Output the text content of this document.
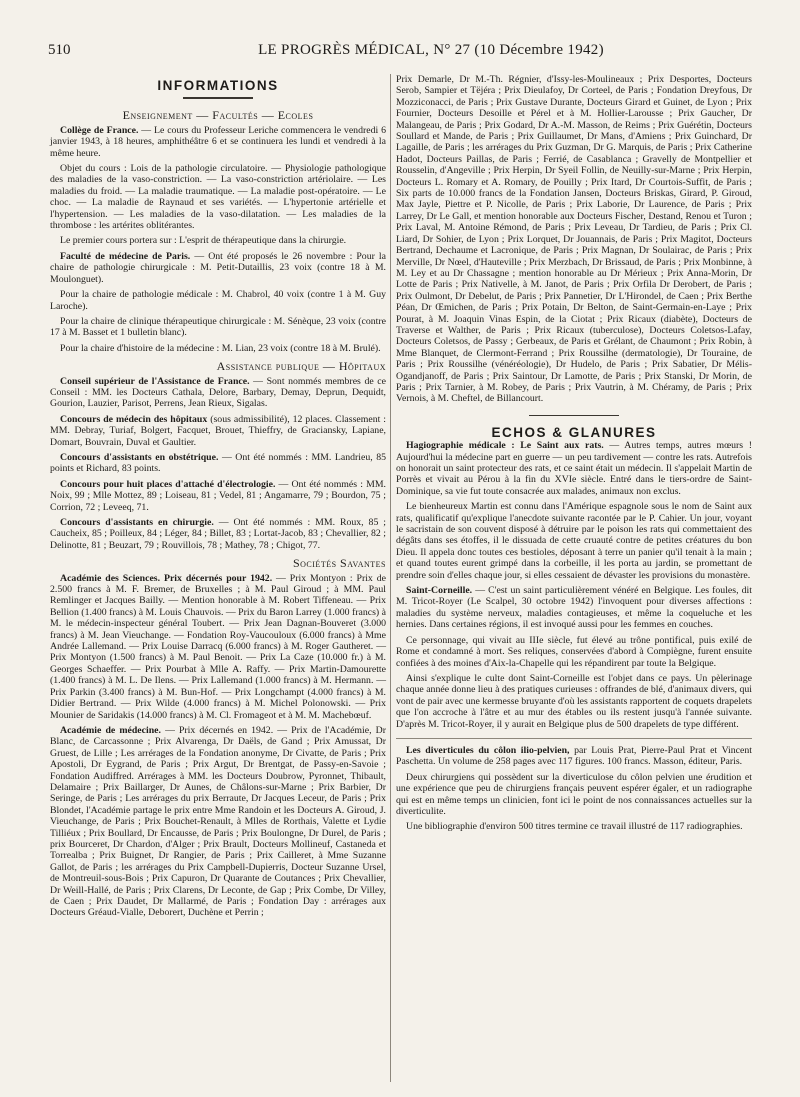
510	LE PROGRÈS MÉDICAL, N° 27 (10 Décembre 1942)
INFORMATIONS
Enseignement — Facultés — Ecoles

Collège de France. — Le cours du Professeur Leriche commencera le vendredi 6 janvier 1943, à 18 heures, amphithéâtre 6 et se continuera les lundi et vendredi à la même heure.

Objet du cours : Lois de la pathologie circulatoire. — Physiologie pathologique des maladies de la vaso-constriction. — La vaso-constriction artériolaire. — Les maladies du froid. — La maladie traumatique. — La maladie post-opératoire. — Le choc. — La maladie de Raynaud et ses variétés. — L'hypertonie artérielle et l'hypertension. — Les maladies de la vaso-dilatation. — Les maladies de la thrombose : les artérites oblitérantes.

Le premier cours portera sur : L'esprit de thérapeutique dans la chirurgie.

Faculté de médecine de Paris. — Ont été proposés le 26 novembre : Pour la chaire de pathologie chirurgicale : M. Petit-Dutaillis, 23 voix (contre 18 à M. Moulonguet).

Pour la chaire de pathologie médicale : M. Chabrol, 40 voix (contre 1 à M. Guy Laroche).

Pour la chaire de clinique thérapeutique chirurgicale : M. Sénèque, 23 voix (contre 17 à M. Basset et 1 bulletin blanc).

Pour la chaire d'histoire de la médecine : M. Lian, 23 voix (contre 18 à M. Brulé).

Assistance publique — Hôpitaux

Conseil supérieur de l'Assistance de France. — Sont nommés membres de ce Conseil : MM. les Docteurs Cathala, Delore, Barbary, Demay, Deprun, Dequidt, Gourion, Lauzier, Parisot, Perrens, Jean Rieux, Sigalas.

Concours de médecin des hôpitaux (sous admissibilité), 12 places. Classement : MM. Debray, Turiaf, Bolgert, Facquet, Brouet, Thieffry, de Gracianskу, Lapiane, Domart, Bouvrain, Duval et Gaultier.

Concours d'assistants en obstétrique. — Ont été nommés : MM. Landrieu, 85 points et Richard, 83 points.

Concours pour huit places d'attaché d'électrologie. — Ont été nommés : MM. Noix, 99 ; Mlle Mottez, 89 ; Loiseau, 81 ; Vedel, 81 ; Angamarre, 79 ; Bourdon, 75 ; Corrion, 72 ; Leveeq, 71.

Concours d'assistants en chirurgie. — Ont été nommés : MM. Roux, 85 ; Caucheix, 85 ; Poilleux, 84 ; Léger, 84 ; Billet, 83 ; Lortat-Jacob, 83 ; Chevallier, 82 ; Delinotte, 81 ; Beuzart, 79 ; Rouvillois, 78 ; Mathey, 78 ; Chigot, 77.

Sociétés Savantes

Académie des Sciences. Prix décernés pour 1942. — Prix Montyon : Prix de 2.500 francs à M. F. Bremer, de Bruxelles ; à M. Paul Giroud ; à MM. Paul Remlinger et Jacques Bailly. — Mention honorable à M. Robert Tiffeneau. — Prix Bellion (1.400 francs) à M. Louis Chauvois. — Prix du Baron Larrey (1.000 francs) à M. le médecin-inspecteur général Toubert. — Prix Jean Dagnan-Bouveret (3.000 francs) à M. Jean Vieuchange. — Fondation Roy-Vaucouloux (6.000 francs) à Mme Andrée Lallemand. — Prix Louise Darracq (6.000 francs) à M. Roger Gautheret. — Prix Montyon (1.500 francs) à M. Paul Benoit. — Prix La Caze (10.000 fr.) à M. Georges Schaeffer. — Prix Pourbat à Mlle A. Raffy. — Prix Martin-Damourette (1.400 francs) à M. L. De Ilens. — Prix Lallemand (1.000 francs) à M. Hermann. — Prix Parkin (3.400 francs) à M. Bun-Hof. — Prix Longchampt (4.000 francs) à M. Didier Bertrand. — Prix Wilde (4.000 francs) à M. Michel Polonowski. — Prix Mounier de Saridakis (14.000 francs) à M. Cl. Fromageot et à M. M. Machebœuf.

Académie de médecine. — Prix décernés en 1942. — Prix de l'Académie, Dr Blanc, de Carcassonne ; Prix Alvarenga, Dr Daëls, de Gand ; Prix Amussat, Dr Gruest, de Lille ; Les arrérages de la Fondation anonyme, Dr Civatte, de Paris ; Prix Apostoli, Dr Eygrand, de Paris ; Prix Argut, Dr Brentgat, de Passy-en-Savoie ; Fondation Audiffred. Arrérages à MM. les Docteurs Doubrow, Pyronnet, Thibault, Delamaire ; Prix Baillarger, Dr Aunes, de Châlons-sur-Marne ; Prix Barbier, Dr Seringe, de Paris ; Les arrérages du prix Berraute, Dr Jacques Leceur, de Paris ; Prix Blondet, l'Académie partage le prix entre Mme Randoin et les Docteurs A. Giroud, J. Vieuchange, de Paris ; Prix Bouchet-Renault, à Mlles de Rorthais, Valette et Lydie Tilliéux ; Prix Boullard, Dr Encausse, de Paris ; Prix Boulongne, Dr Durel, de Paris ; prix Bourceret, Dr Chardon, d'Alger ; Prix Brault, Docteurs Mollineuf, Castaneda et Torrealba ; Prix Buignet, Dr Rangier, de Paris ; Prix Cailleret, à Mme Suzanne Gallot, de Paris ; les arrérages du Prix Campbell-Dupierris, Docteur Suzanne Ursel, de Montreuil-sous-Bois ; Prix Capuron, Dr Quarante de Coutances ; Prix Chevallier, Dr Weill-Hallé, de Paris ; Prix Clarens, Dr Leconte, de Gap ; Prix Combe, Dr Villey, de Caen ; Prix Daudet, Dr Mallarmé, de Paris ; Fondation Day : arrérages aux Docteurs Gréaud-Vialle, Deborert, Duchène et Perrin ;

Prix Demarle, Dr M.-Th. Régnier, d'Issy-les-Moulineaux ; Prix Desportes, Docteurs Serob, Sampier et Tëjéra ; Prix Dieulafoy, Dr Corteel, de Paris ; Fondation Dreyfous, Dr Mozziconacci, de Paris ; Prix Gustave Durante, Docteurs Girard et Guinet, de Lyon ; Prix Fournier, Docteurs Desoille et Pérel et à M. Hollier-Larousse ; Prix Gaucher, Dr Malangeau, de Paris ; Prix Godard, Dr A.-M. Masson, de Reims ; Prix Guérétin, Docteurs Soullard et Mande, de Paris ; Prix Guillaumet, Dr Mans, d'Amiens ; Prix Guinchard, Dr Lagaille, de Paris ; les arrérages du Prix Guzman, Dr G. Marquis, de Paris ; Prix Catherine Hadot, Docteurs Paillas, de Paris ; Ferrié, de Casablanca ; Gravelly de Montpellier et Rousselin, d'Angeville ; Prix Herpin, Dr Syeil Follin, de Neuilly-sur-Marne ; Prix Herpin, Docteurs L. Romary et A. Romary, de Pouilly ; Prix Itard, Dr Courtois-Suffit, de Paris ; Six parts de 10.000 francs de la Fondation Jansen, Docteurs Briskas, Girard, P. Giroud, Max Jayle, Piettre et P. Nicolle, de Paris ; Prix Laborie, Dr Laurence, de Paris ; Prix Larrey, Dr Le Gall, et mention honorable aux Docteurs Fischer, Destand, Renou et Turon ; Prix Laval, M. Antoine Rémond, de Paris ; Prix Leveau, Dr Tardieu, de Paris ; Prix Cl. Liard, Dr Sohier, de Lyon ; Prix Lorquet, Dr Jouannais, de Paris ; Prix Magitot, Docteurs Bertrand, Dechaume et Lacronique, de Paris ; Prix Magnan, Dr Soulairac, de Paris ; Prix Merville, Dr Nœel, d'Hauteville ; Prix Merzbach, Dr Brissaud, de Paris ; Prix Monbinne, à M. Ley et au Dr Chassagne ; mention honorable au Dr Mérieux ; Prix Anna-Morin, Dr Lotte de Paris ; Prix Nativelle, à M. Janot, de Paris ; Prix Orfila Dr Derobert, de Paris ; Prix Oulmont, Dr Debelut, de Paris ; Prix Pannetier, Dr L'Hirondel, de Caen ; Prix Berthe Péan, Dr Œmichen, de Paris ; Prix Potain, Dr Belton, de Saint-Germain-en-Laye ; Prix Pourat, à M. Joaquin Vinas Espin, de la Ciotat ; Prix Ricaux (diabète), Docteurs de Traverse et Walther, de Paris ; Prix Ricaux (tuberculose), Docteurs Coletsos-Lafay, Docteurs Coletsos, de Passy ; Gerbeaux, de Paris et Grélant, de Chaumont ; Prix Robin, à Mme Blanquet, de Clermont-Ferrand ; Prix Roussilhe (dermatologie), Dr Touraine, de Paris ; Prix Roussilhe (vénéréologie), Dr Hudelo, de Paris ; Prix Sabatier, Dr Mélis-Ogandjanoff, de Paris ; Prix Saintour, Dr Lamotte, de Paris ; Prix Stanski, Dr Morin, de Paris ; Prix Tarnier, à M. Robey, de Paris ; Prix Vautrin, à M. Chéramy, de Paris ; Prix Vernois, à M. Cheftel, de Billancourt.

ECHOS & GLANURES

Hagiographie médicale : Le Saint aux rats. — Autres temps, autres mœurs ! Aujourd'hui la médecine part en guerre — un peu tardivement — contre les rats. Autrefois on honorait un saint protecteur des rats, et ce saint était un médecin. Il s'appelait Martin de Porrès et vivait au Pérou à la fin du XVIe siècle. Entré dans le tiers-ordre de Saint-Dominique, sa vie fut toute consacrée aux malades, animaux non exclus.

Le bienheureux Martin est connu dans l'Amérique espagnole sous le nom de Saint aux rats, qualificatif qu'explique l'anecdote suivante racontée par le P. Cahier. Un jour, voyant le sacristain de son couvent disposé à détruire par le poison les rats qui commettaient des dégâts dans ses étoffes, il le dissuada de cette cruauté contre de petites créatures du bon Dieu. Il appela donc toutes ces bestioles, déposant à terre un panier qu'il tenait à la main ; et quand toutes eurent grimpé dans la corbeille, il les porta au jardin, se promettant de prendre soin d'elles chaque jour, si elles cessaient de dévaster les provisions du monastère.

Saint-Corneille. — C'est un saint particulièrement vénéré en Belgique. Les foules, dit M. Tricot-Royer (Le Scalpel, 30 octobre 1942) l'invoquent pour diverses affections : maladies du système nerveux, maladies contagieuses, et même la coqueluche et les hernies. Dans certaines régions, il est invoqué aussi pour les femmes en couches.

Ce personnage, qui vivait au IIIe siècle, fut élevé au trône pontifical, puis exilé de Rome et condamné à mort. Ses reliques, conservées d'abord à Compiègne, furent ensuite confiées à des moines d'Aix-la-Chapelle qui les répandirent par toute la Belgique.

Ainsi s'explique le culte dont Saint-Corneille est l'objet dans ce pays. Un pèlerinage chaque année donne lieu à des pratiques curieuses : offrandes de blé, d'animaux divers, qui vont de pair avec une kermesse bruyante d'où les assistants rapportent de coquets drapelets que l'on accroche à l'âtre et au mur des étables ou ils restent jusqu'à l'année suivante. D'après M. Tricot-Royer, il y aurait en Belgique plus de 500 drapelets de type différent.

Les diverticules du côlon ilio-pelvien, par Louis Prat, Pierre-Paul Prat et Vincent Paschetta. Un volume de 258 pages avec 117 figures. 100 francs. Masson, éditeur, Paris.

Deux chirurgiens qui possèdent sur la diverticulose du côlon pelvien une érudition et une expérience que peu de chirurgiens français peuvent espérer égaler, et un radiographe qui est en même temps un clinicien, font ici le point de nos connaissances actuelles sur la diverticulite.

Une bibliographie d'environ 500 titres termine ce travail illustré de 117 radiographies.
